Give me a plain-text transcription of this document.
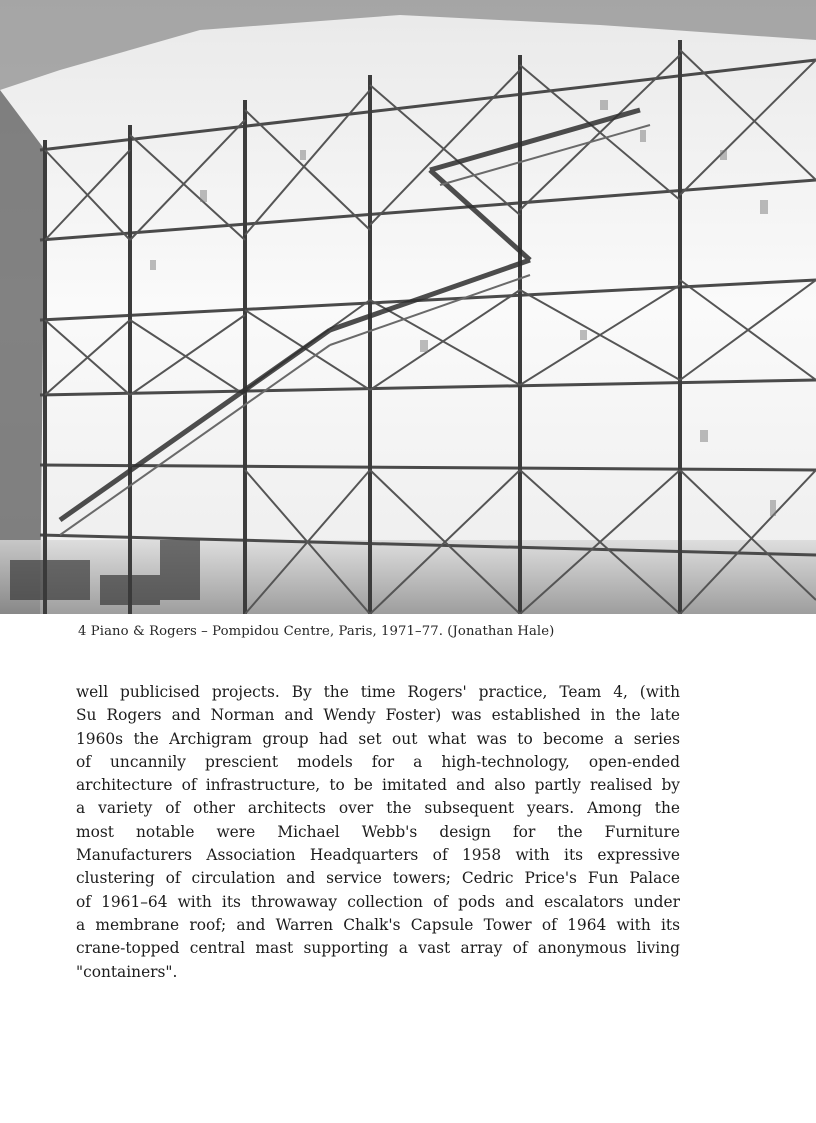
4 Piano & Rogers – Pompidou Centre, Paris, 1971–77. (Jonathan Hale)

well publicised projects. By the time Rogers' practice, Team 4, (with
Su Rogers and Norman and Wendy Foster) was established in the late
1960s the Archigram group had set out what was to become a series
of uncannily prescient models for a high-technology, open-ended
architecture of infrastructure, to be imitated and also partly realised by
a variety of other architects over the subsequent years. Among the
most notable were Michael Webb's design for the Furniture
Manufacturers Association Headquarters of 1958 with its expressive
clustering of circulation and service towers; Cedric Price's Fun Palace
of 1961–64 with its throwaway collection of pods and escalators under
a membrane roof; and Warren Chalk's Capsule Tower of 1964 with its
crane-topped central mast supporting a vast array of anonymous living
"containers".
